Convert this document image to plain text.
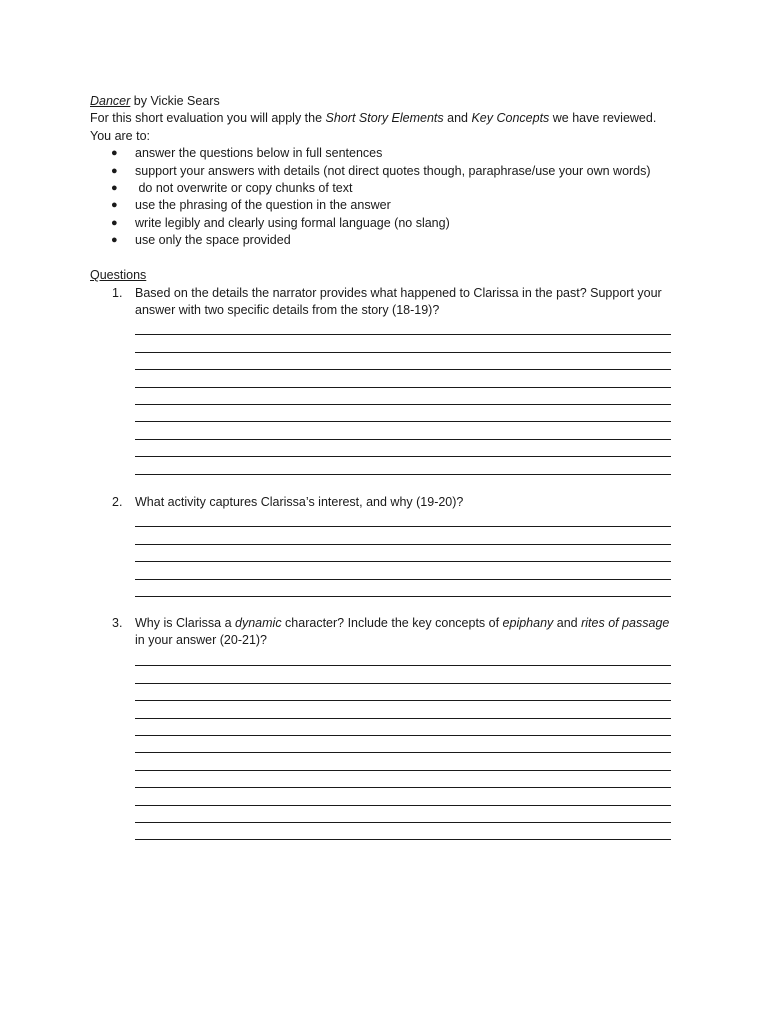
Dancer by Vickie Sears
For this short evaluation you will apply the Short Story Elements and Key Concepts we have reviewed.
You are to:
● answer the questions below in full sentences
● support your answers with details (not direct quotes though, paraphrase/use your own words)
● do not overwrite or copy chunks of text
● use the phrasing of the question in the answer
● write legibly and clearly using formal language (no slang)
● use only the space provided
Questions
1. Based on the details the narrator provides what happened to Clarissa in the past? Support your
answer with two specific details from the story (18-19)?
2. What activity captures Clarissa’s interest, and why (19-20)?
3. Why is Clarissa a dynamic character? Include the key concepts of epiphany and rites of passage
in your answer (20-21)?
